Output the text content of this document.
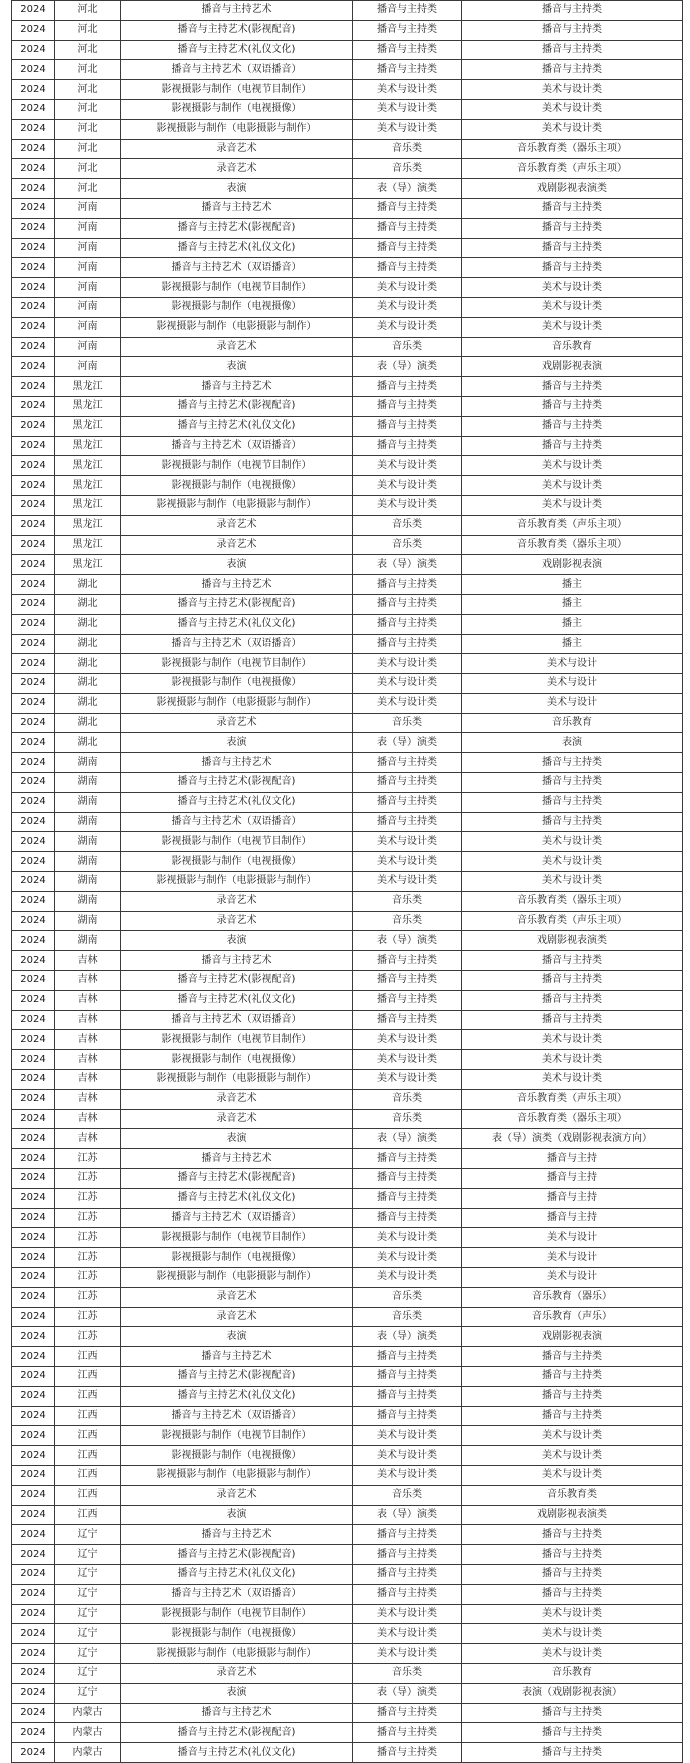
2024	河北	播音与主持艺术	播音与主持类	播音与主持类
2024	河北	播音与主持艺术(影视配音)	播音与主持类	播音与主持类
2024	河北	播音与主持艺术(礼仪文化)	播音与主持类	播音与主持类
2024	河北	播音与主持艺术（双语播音）	播音与主持类	播音与主持类
2024	河北	影视摄影与制作（电视节目制作）	美术与设计类	美术与设计类
2024	河北	影视摄影与制作（电视摄像）	美术与设计类	美术与设计类
2024	河北	影视摄影与制作（电影摄影与制作）	美术与设计类	美术与设计类
2024	河北	录音艺术	音乐类	音乐教育类（器乐主项）
2024	河北	录音艺术	音乐类	音乐教育类（声乐主项）
2024	河北	表演	表（导）演类	戏剧影视表演类
2024	河南	播音与主持艺术	播音与主持类	播音与主持类
2024	河南	播音与主持艺术(影视配音)	播音与主持类	播音与主持类
2024	河南	播音与主持艺术(礼仪文化)	播音与主持类	播音与主持类
2024	河南	播音与主持艺术（双语播音）	播音与主持类	播音与主持类
2024	河南	影视摄影与制作（电视节目制作）	美术与设计类	美术与设计类
2024	河南	影视摄影与制作（电视摄像）	美术与设计类	美术与设计类
2024	河南	影视摄影与制作（电影摄影与制作）	美术与设计类	美术与设计类
2024	河南	录音艺术	音乐类	音乐教育
2024	河南	表演	表（导）演类	戏剧影视表演
2024	黑龙江	播音与主持艺术	播音与主持类	播音与主持类
2024	黑龙江	播音与主持艺术(影视配音)	播音与主持类	播音与主持类
2024	黑龙江	播音与主持艺术(礼仪文化)	播音与主持类	播音与主持类
2024	黑龙江	播音与主持艺术（双语播音）	播音与主持类	播音与主持类
2024	黑龙江	影视摄影与制作（电视节目制作）	美术与设计类	美术与设计类
2024	黑龙江	影视摄影与制作（电视摄像）	美术与设计类	美术与设计类
2024	黑龙江	影视摄影与制作（电影摄影与制作）	美术与设计类	美术与设计类
2024	黑龙江	录音艺术	音乐类	音乐教育类（声乐主项）
2024	黑龙江	录音艺术	音乐类	音乐教育类（器乐主项）
2024	黑龙江	表演	表（导）演类	戏剧影视表演
2024	湖北	播音与主持艺术	播音与主持类	播主
2024	湖北	播音与主持艺术(影视配音)	播音与主持类	播主
2024	湖北	播音与主持艺术(礼仪文化)	播音与主持类	播主
2024	湖北	播音与主持艺术（双语播音）	播音与主持类	播主
2024	湖北	影视摄影与制作（电视节目制作）	美术与设计类	美术与设计
2024	湖北	影视摄影与制作（电视摄像）	美术与设计类	美术与设计
2024	湖北	影视摄影与制作（电影摄影与制作）	美术与设计类	美术与设计
2024	湖北	录音艺术	音乐类	音乐教育
2024	湖北	表演	表（导）演类	表演
2024	湖南	播音与主持艺术	播音与主持类	播音与主持类
2024	湖南	播音与主持艺术(影视配音)	播音与主持类	播音与主持类
2024	湖南	播音与主持艺术(礼仪文化)	播音与主持类	播音与主持类
2024	湖南	播音与主持艺术（双语播音）	播音与主持类	播音与主持类
2024	湖南	影视摄影与制作（电视节目制作）	美术与设计类	美术与设计类
2024	湖南	影视摄影与制作（电视摄像）	美术与设计类	美术与设计类
2024	湖南	影视摄影与制作（电影摄影与制作）	美术与设计类	美术与设计类
2024	湖南	录音艺术	音乐类	音乐教育类（器乐主项）
2024	湖南	录音艺术	音乐类	音乐教育类（声乐主项）
2024	湖南	表演	表（导）演类	戏剧影视表演类
2024	吉林	播音与主持艺术	播音与主持类	播音与主持类
2024	吉林	播音与主持艺术(影视配音)	播音与主持类	播音与主持类
2024	吉林	播音与主持艺术(礼仪文化)	播音与主持类	播音与主持类
2024	吉林	播音与主持艺术（双语播音）	播音与主持类	播音与主持类
2024	吉林	影视摄影与制作（电视节目制作）	美术与设计类	美术与设计类
2024	吉林	影视摄影与制作（电视摄像）	美术与设计类	美术与设计类
2024	吉林	影视摄影与制作（电影摄影与制作）	美术与设计类	美术与设计类
2024	吉林	录音艺术	音乐类	音乐教育类（声乐主项）
2024	吉林	录音艺术	音乐类	音乐教育类（器乐主项）
2024	吉林	表演	表（导）演类	表（导）演类（戏剧影视表演方向）
2024	江苏	播音与主持艺术	播音与主持类	播音与主持
2024	江苏	播音与主持艺术(影视配音)	播音与主持类	播音与主持
2024	江苏	播音与主持艺术(礼仪文化)	播音与主持类	播音与主持
2024	江苏	播音与主持艺术（双语播音）	播音与主持类	播音与主持
2024	江苏	影视摄影与制作（电视节目制作）	美术与设计类	美术与设计
2024	江苏	影视摄影与制作（电视摄像）	美术与设计类	美术与设计
2024	江苏	影视摄影与制作（电影摄影与制作）	美术与设计类	美术与设计
2024	江苏	录音艺术	音乐类	音乐教育（器乐）
2024	江苏	录音艺术	音乐类	音乐教育（声乐）
2024	江苏	表演	表（导）演类	戏剧影视表演
2024	江西	播音与主持艺术	播音与主持类	播音与主持类
2024	江西	播音与主持艺术(影视配音)	播音与主持类	播音与主持类
2024	江西	播音与主持艺术(礼仪文化)	播音与主持类	播音与主持类
2024	江西	播音与主持艺术（双语播音）	播音与主持类	播音与主持类
2024	江西	影视摄影与制作（电视节目制作）	美术与设计类	美术与设计类
2024	江西	影视摄影与制作（电视摄像）	美术与设计类	美术与设计类
2024	江西	影视摄影与制作（电影摄影与制作）	美术与设计类	美术与设计类
2024	江西	录音艺术	音乐类	音乐教育类
2024	江西	表演	表（导）演类	戏剧影视表演类
2024	辽宁	播音与主持艺术	播音与主持类	播音与主持类
2024	辽宁	播音与主持艺术(影视配音)	播音与主持类	播音与主持类
2024	辽宁	播音与主持艺术(礼仪文化)	播音与主持类	播音与主持类
2024	辽宁	播音与主持艺术（双语播音）	播音与主持类	播音与主持类
2024	辽宁	影视摄影与制作（电视节目制作）	美术与设计类	美术与设计类
2024	辽宁	影视摄影与制作（电视摄像）	美术与设计类	美术与设计类
2024	辽宁	影视摄影与制作（电影摄影与制作）	美术与设计类	美术与设计类
2024	辽宁	录音艺术	音乐类	音乐教育
2024	辽宁	表演	表（导）演类	表演（戏剧影视表演）
2024	内蒙古	播音与主持艺术	播音与主持类	播音与主持类
2024	内蒙古	播音与主持艺术(影视配音)	播音与主持类	播音与主持类
2024	内蒙古	播音与主持艺术(礼仪文化)	播音与主持类	播音与主持类
